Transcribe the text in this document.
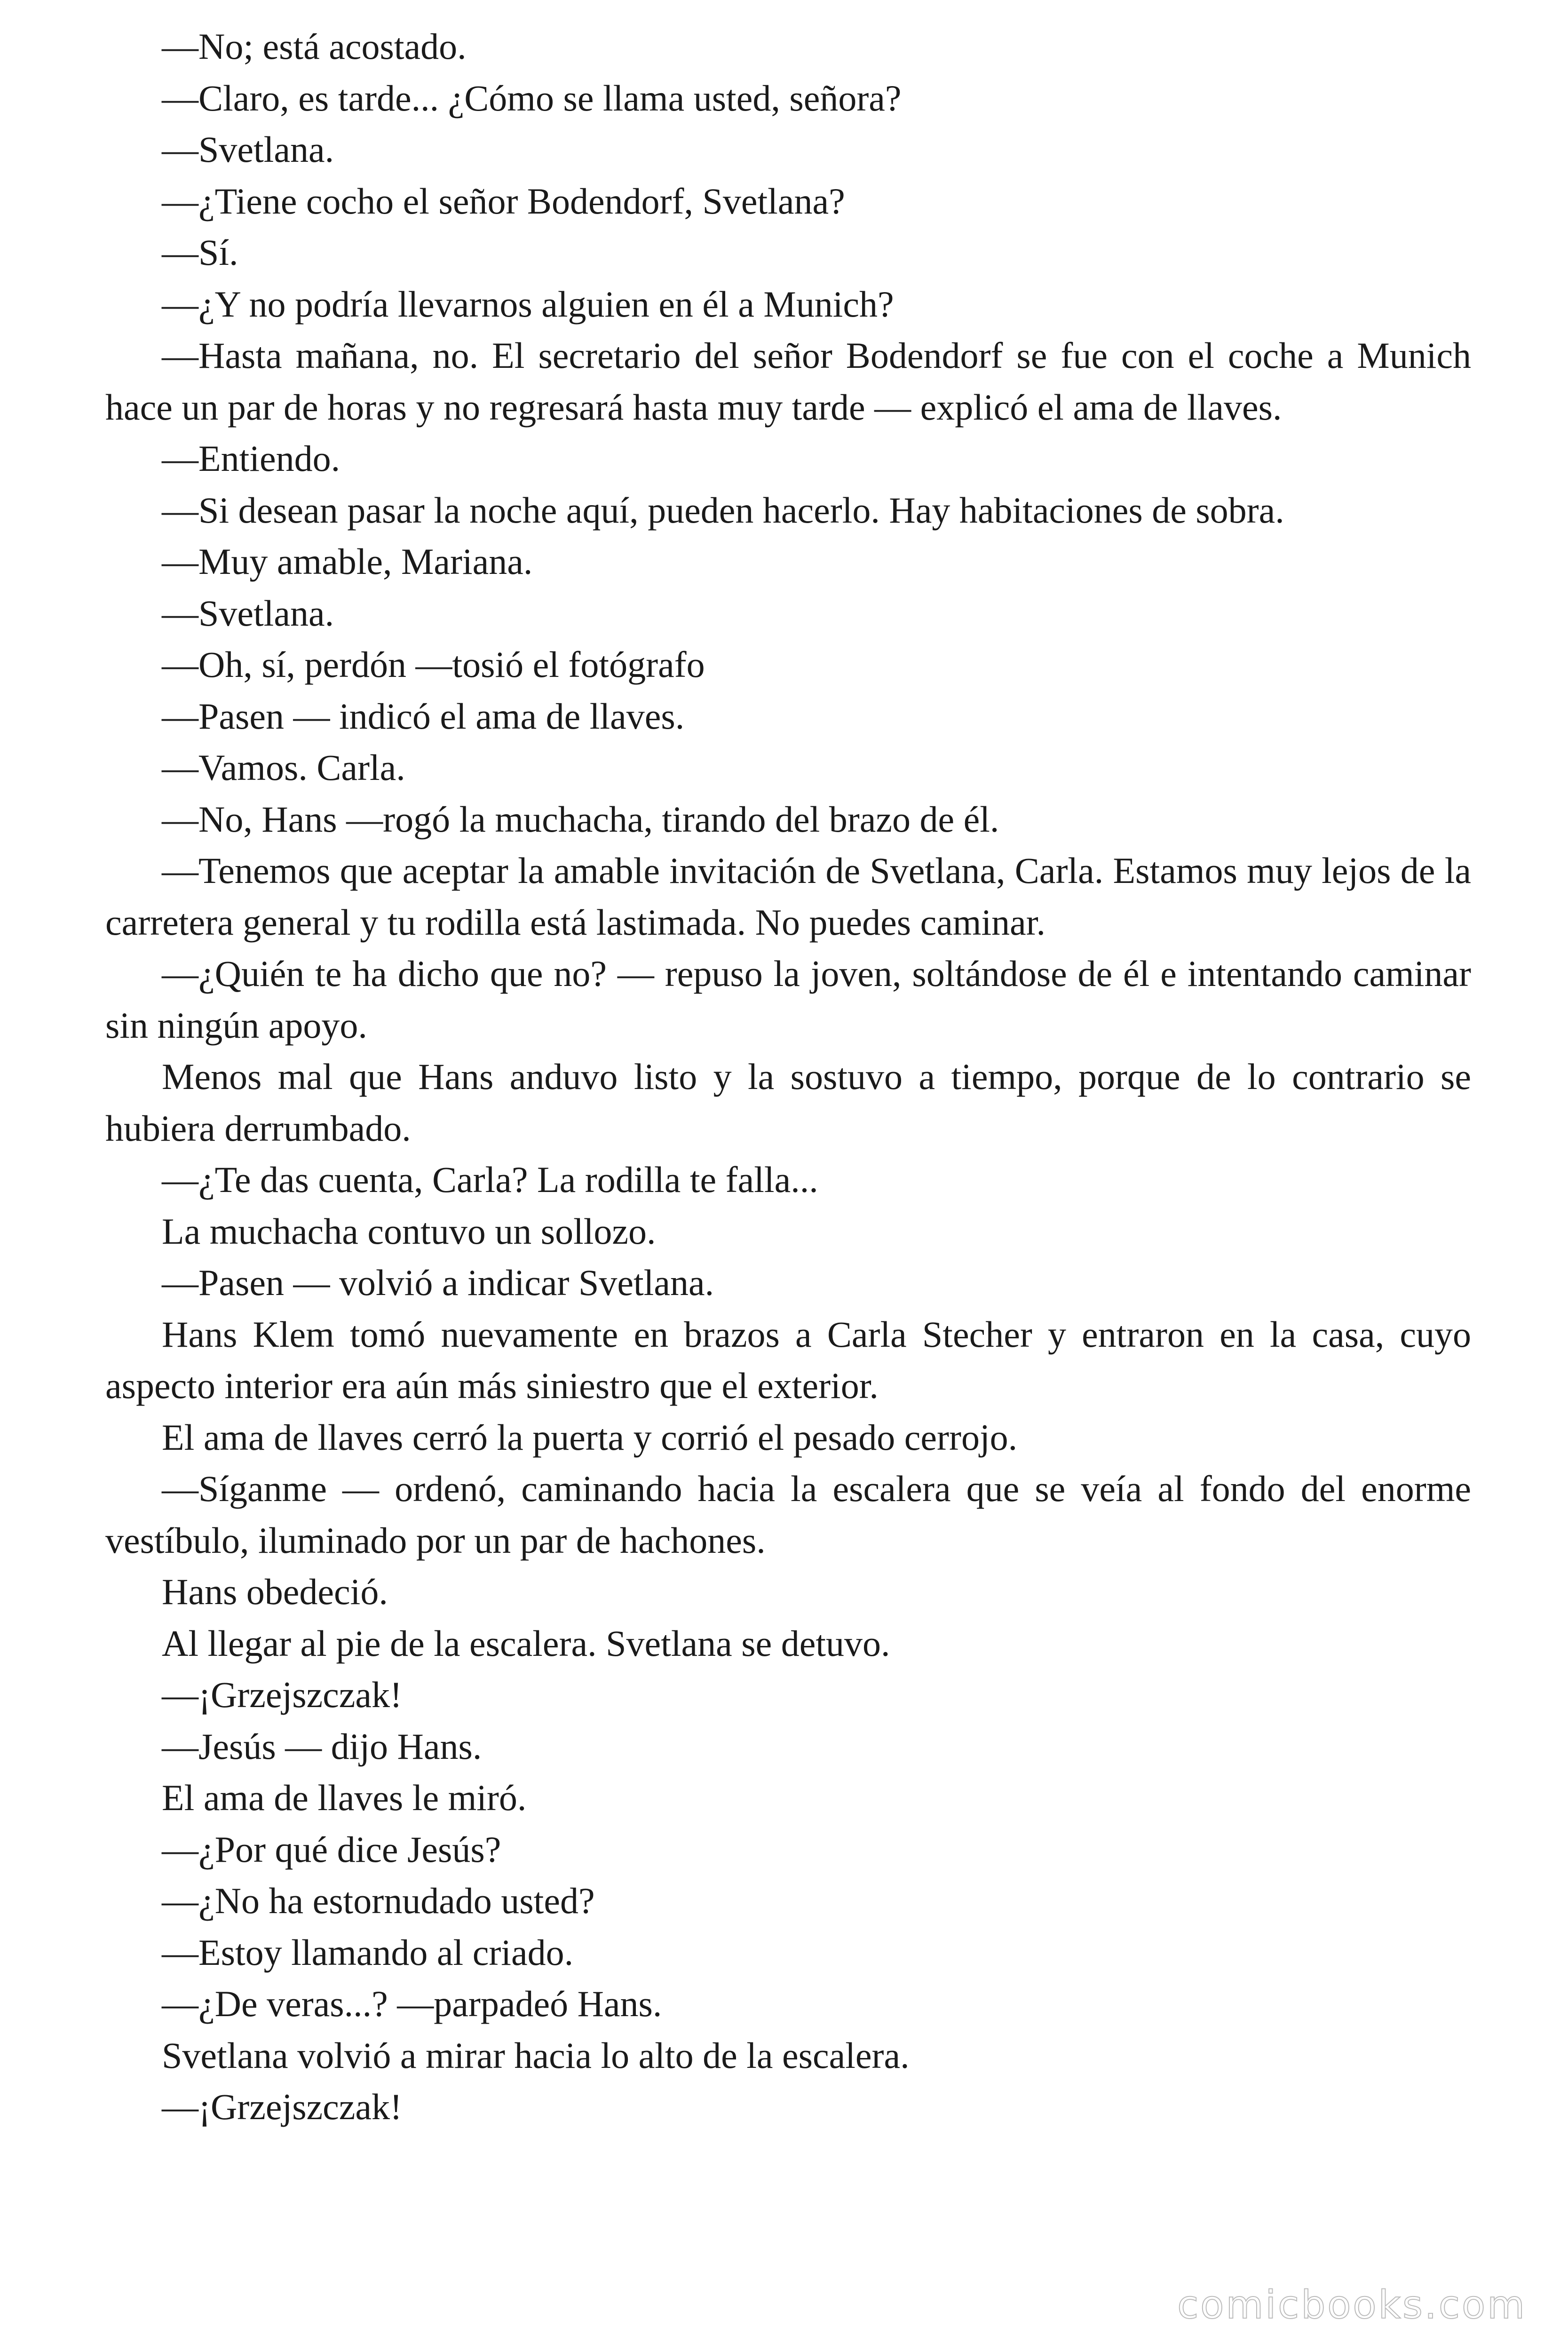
—No; está acostado.

—Claro, es tarde... ¿Cómo se llama usted, señora?

—Svetlana.

—¿Tiene cocho el señor Bodendorf, Svetlana?

—Sí.

—¿Y no podría llevarnos alguien en él a Munich?

—Hasta mañana, no. El secretario del señor Bodendorf se fue con el coche a Munich hace un par de horas y no regresará hasta muy tarde — explicó el ama de llaves.

—Entiendo.

—Si desean pasar la noche aquí, pueden hacerlo. Hay habitaciones de sobra.

—Muy amable, Mariana.

—Svetlana.

—Oh, sí, perdón —tosió el fotógrafo

—Pasen — indicó el ama de llaves.

—Vamos. Carla.

—No, Hans —rogó la muchacha, tirando del brazo de él.

—Tenemos que aceptar la amable invitación de Svetlana, Carla. Estamos muy lejos de la carretera general y tu rodilla está lastimada. No puedes caminar.

—¿Quién te ha dicho que no? — repuso la joven, soltándose de él e intentando caminar sin ningún apoyo.

Menos mal que Hans anduvo listo y la sostuvo a tiempo, porque de lo contrario se hubiera derrumbado.

—¿Te das cuenta, Carla? La rodilla te falla...

La muchacha contuvo un sollozo.

—Pasen — volvió a indicar Svetlana.

Hans Klem tomó nuevamente en brazos a Carla Stecher y entraron en la casa, cuyo aspecto interior era aún más siniestro que el exterior.

El ama de llaves cerró la puerta y corrió el pesado cerrojo.

—Síganme — ordenó, caminando hacia la escalera que se veía al fondo del enorme vestíbulo, iluminado por un par de hachones.

Hans obedeció.

Al llegar al pie de la escalera. Svetlana se detuvo.

—¡Grzejszczak!

—Jesús — dijo Hans.

El ama de llaves le miró.

—¿Por qué dice Jesús?

—¿No ha estornudado usted?

—Estoy llamando al criado.

—¿De veras...? —parpadeó Hans.

Svetlana volvió a mirar hacia lo alto de la escalera.

—¡Grzejszczak!

comicbooks.com
